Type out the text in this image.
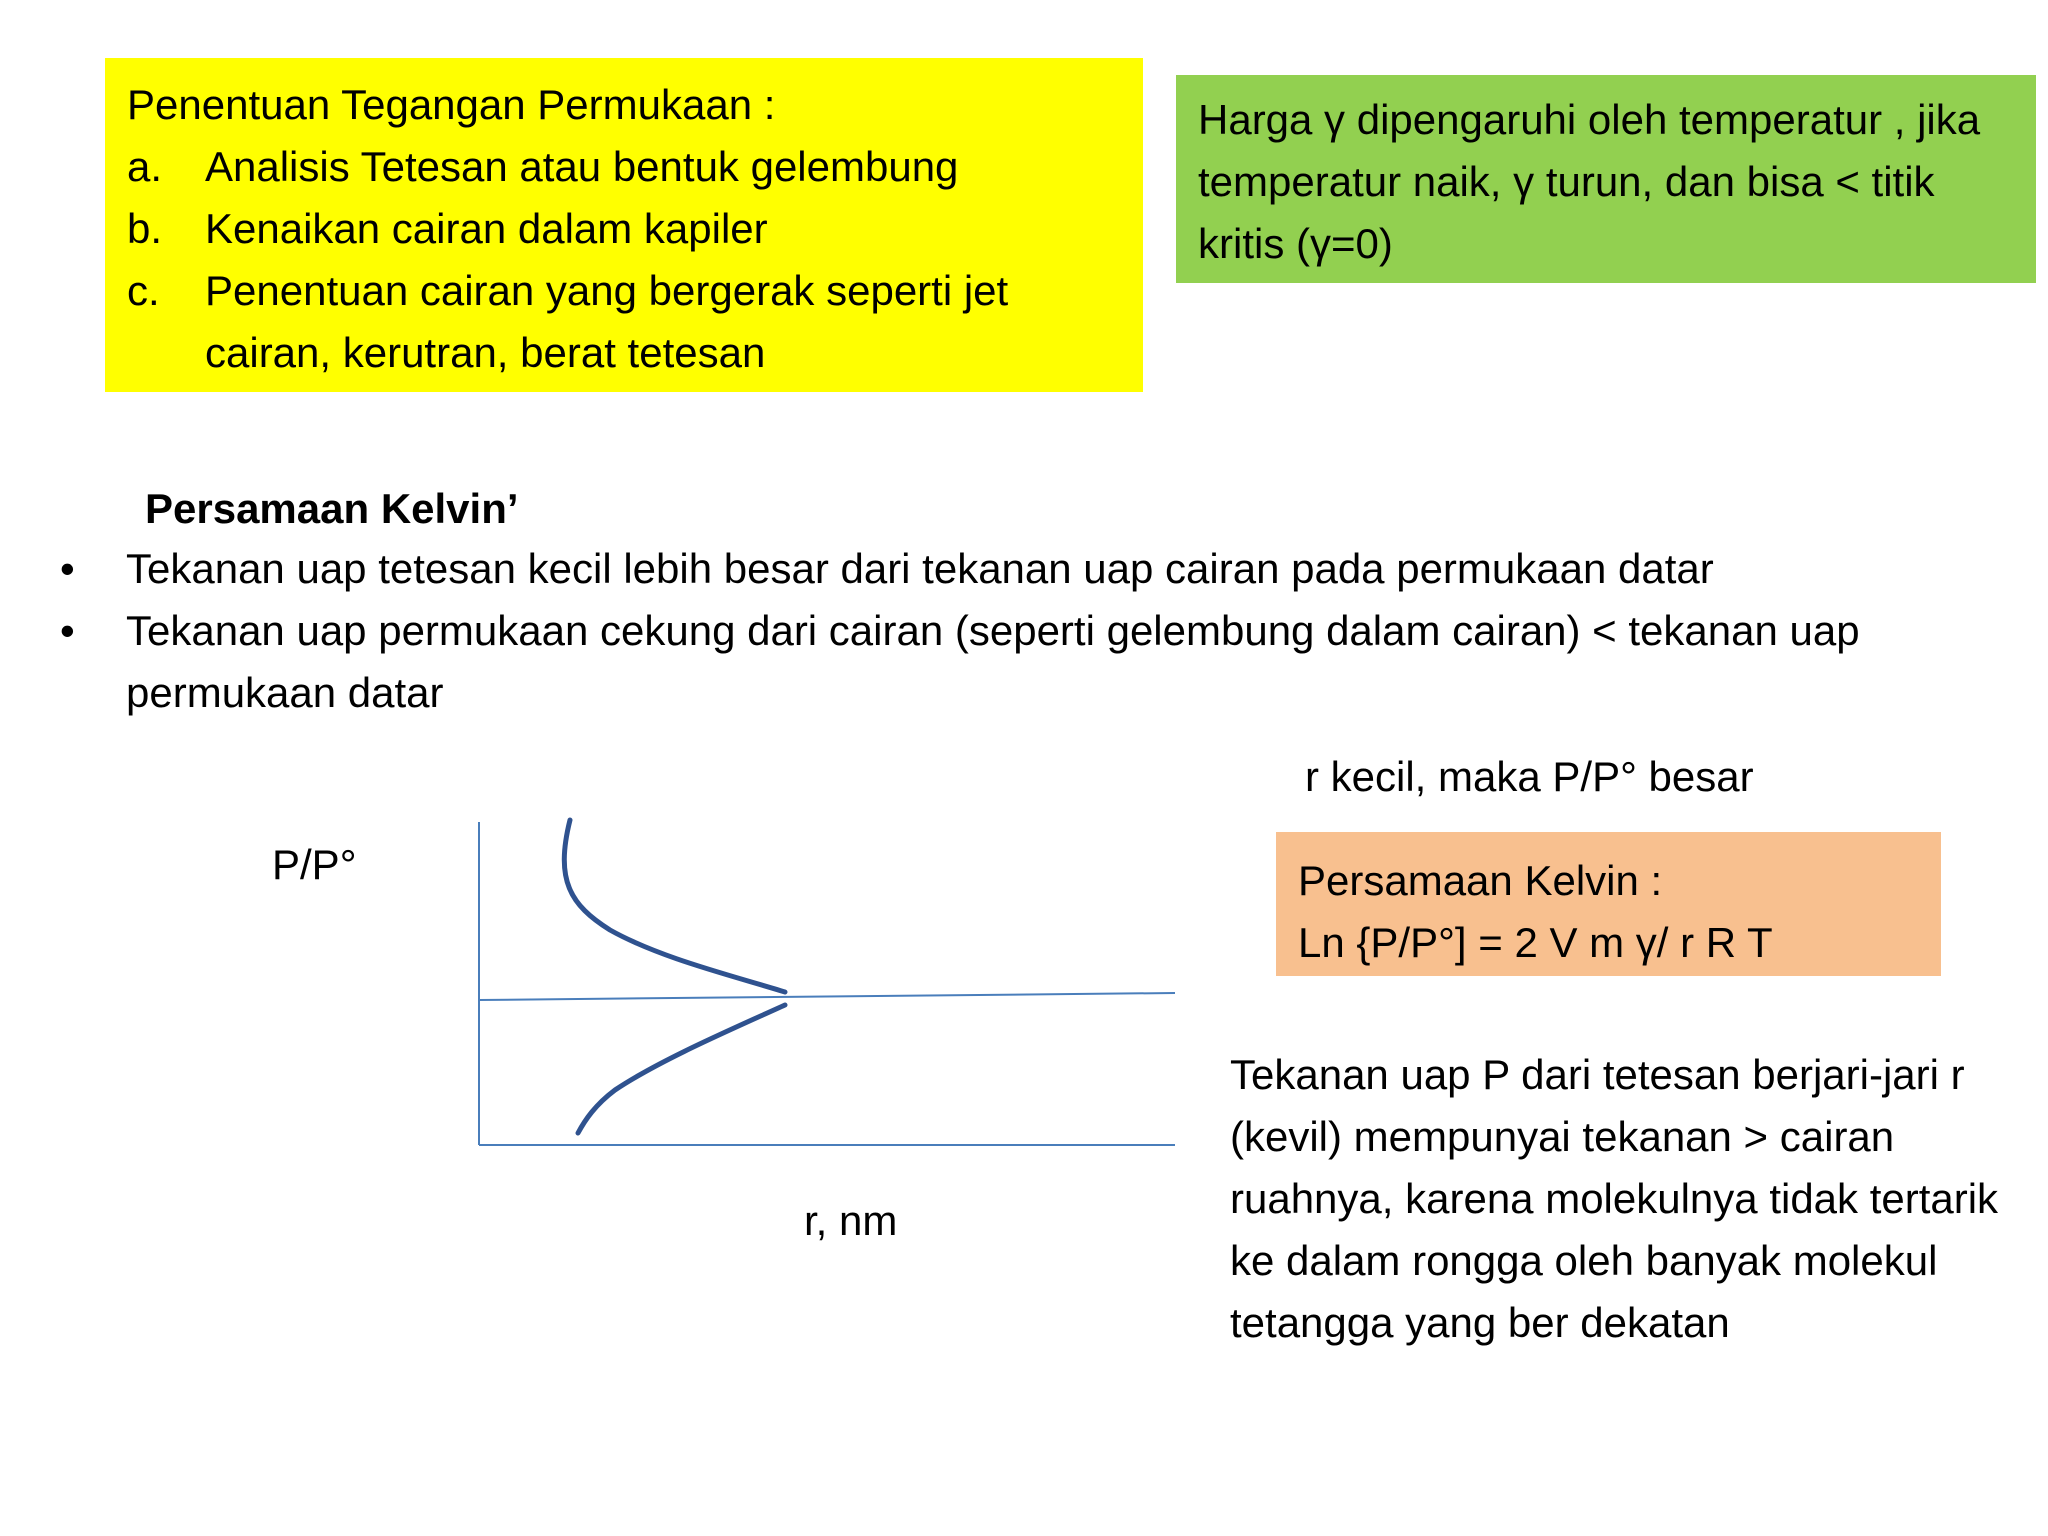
Penentuan Tegangan Permukaan :
a. Analisis Tetesan atau bentuk gelembung
b. Kenaikan cairan dalam kapiler
c. Penentuan cairan yang bergerak seperti jet cairan, kerutran, berat tetesan
Harga γ dipengaruhi oleh temperatur , jika temperatur naik, γ turun, dan bisa < titik kritis (γ=0)
Persamaan Kelvin’
• Tekanan uap tetesan kecil lebih besar dari tekanan uap cairan pada permukaan datar
• Tekanan uap permukaan cekung dari cairan (seperti gelembung dalam cairan) < tekanan uap permukaan datar
r kecil, maka P/P° besar
P/P°
r, nm
Persamaan Kelvin :
Ln {P/P°] = 2 V m γ/ r R T
Tekanan uap P dari tetesan berjari-jari r (kevil) mempunyai tekanan > cairan ruahnya, karena molekulnya tidak tertarik ke dalam rongga oleh banyak molekul tetangga yang ber dekatan
